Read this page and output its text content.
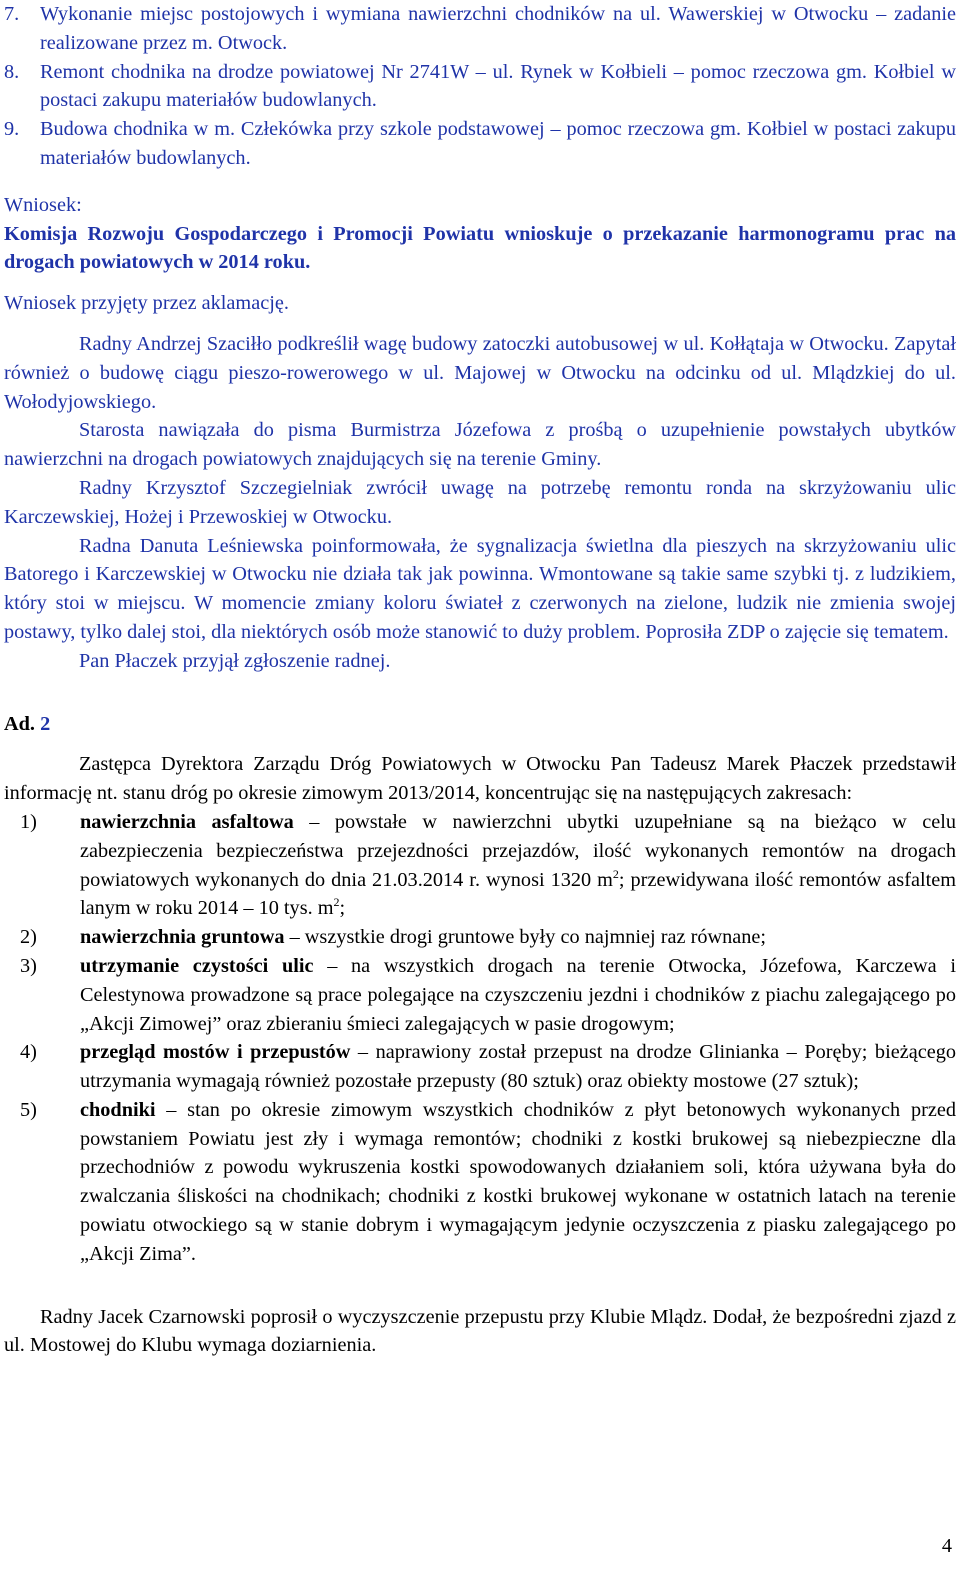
7.	Wykonanie miejsc postojowych i wymiana nawierzchni chodników na ul. Wawerskiej w Otwocku – zadanie realizowane przez m. Otwock.
8.	Remont chodnika na drodze powiatowej Nr 2741W – ul. Rynek w Kołbieli – pomoc rzeczowa gm. Kołbiel w postaci zakupu materiałów budowlanych.
9.	Budowa chodnika w m. Człekówka przy szkole podstawowej – pomoc rzeczowa gm. Kołbiel w postaci zakupu materiałów budowlanych.

Wniosek:

Komisja Rozwoju Gospodarczego i Promocji Powiatu wnioskuje o przekazanie harmonogramu prac na drogach powiatowych w 2014 roku.

Wniosek przyjęty przez aklamację.

Radny Andrzej Szaciłło podkreślił wagę budowy zatoczki autobusowej w ul. Kołłątaja w Otwocku. Zapytał również o budowę ciągu pieszo-rowerowego w ul. Majowej w Otwocku na odcinku od ul. Mlądzkiej do ul. Wołodyjowskiego.

Starosta nawiązała do pisma Burmistrza Józefowa z prośbą o uzupełnienie powstałych ubytków nawierzchni na drogach powiatowych znajdujących się na terenie Gminy.

Radny Krzysztof Szczegielniak zwrócił uwagę na potrzebę remontu ronda na skrzyżowaniu ulic Karczewskiej, Hożej i Przewoskiej w Otwocku.

Radna Danuta Leśniewska poinformowała, że sygnalizacja świetlna dla pieszych na skrzyżowaniu ulic Batorego i Karczewskiej w Otwocku nie działa tak jak powinna. Wmontowane są takie same szybki tj. z ludzikiem, który stoi w miejscu. W momencie zmiany koloru świateł z czerwonych na zielone, ludzik nie zmienia swojej postawy, tylko dalej stoi, dla niektórych osób może stanowić to duży problem. Poprosiła ZDP o zajęcie się tematem.

Pan Płaczek przyjął zgłoszenie radnej.

Ad. 2

Zastępca Dyrektora Zarządu Dróg Powiatowych w Otwocku Pan Tadeusz Marek Płaczek przedstawił informację nt. stanu dróg po okresie zimowym 2013/2014, koncentrując się na następujących zakresach:

1)	nawierzchnia asfaltowa – powstałe w nawierzchni ubytki uzupełniane są na bieżąco w celu zabezpieczenia bezpieczeństwa przejezdności przejazdów, ilość wykonanych remontów na drogach powiatowych wykonanych do dnia 21.03.2014 r. wynosi 1320 $m^2$; przewidywana ilość remontów asfaltem lanym w roku 2014 – 10 tys. $m^2$;
2)	nawierzchnia gruntowa – wszystkie drogi gruntowe były co najmniej raz równane;
3)	utrzymanie czystości ulic – na wszystkich drogach na terenie Otwocka, Józefowa, Karczewa i Celestynowa prowadzone są prace polegające na czyszczeniu jezdni i chodników z piachu zalegającego po „Akcji Zimowej” oraz zbieraniu śmieci zalegających w pasie drogowym;
4)	przegląd mostów i przepustów – naprawiony został przepust na drodze Glinianka – Poręby; bieżącego utrzymania wymagają również pozostałe przepusty (80 sztuk) oraz obiekty mostowe (27 sztuk);
5)	chodniki – stan po okresie zimowym wszystkich chodników z płyt betonowych wykonanych przed powstaniem Powiatu jest zły i wymaga remontów; chodniki z kostki brukowej są niebezpieczne dla przechodniów z powodu wykruszenia kostki spowodowanych działaniem soli, która używana była do zwalczania śliskości na chodnikach; chodniki z kostki brukowej wykonane w ostatnich latach na terenie powiatu otwockiego są w stanie dobrym i wymagającym jedynie oczyszczenia z piasku zalegającego po „Akcji Zima”.

Radny Jacek Czarnowski poprosił o wyczyszczenie przepustu przy Klubie Mlądz. Dodał, że bezpośredni zjazd z ul. Mostowej do Klubu wymaga doziarnienia.

4
